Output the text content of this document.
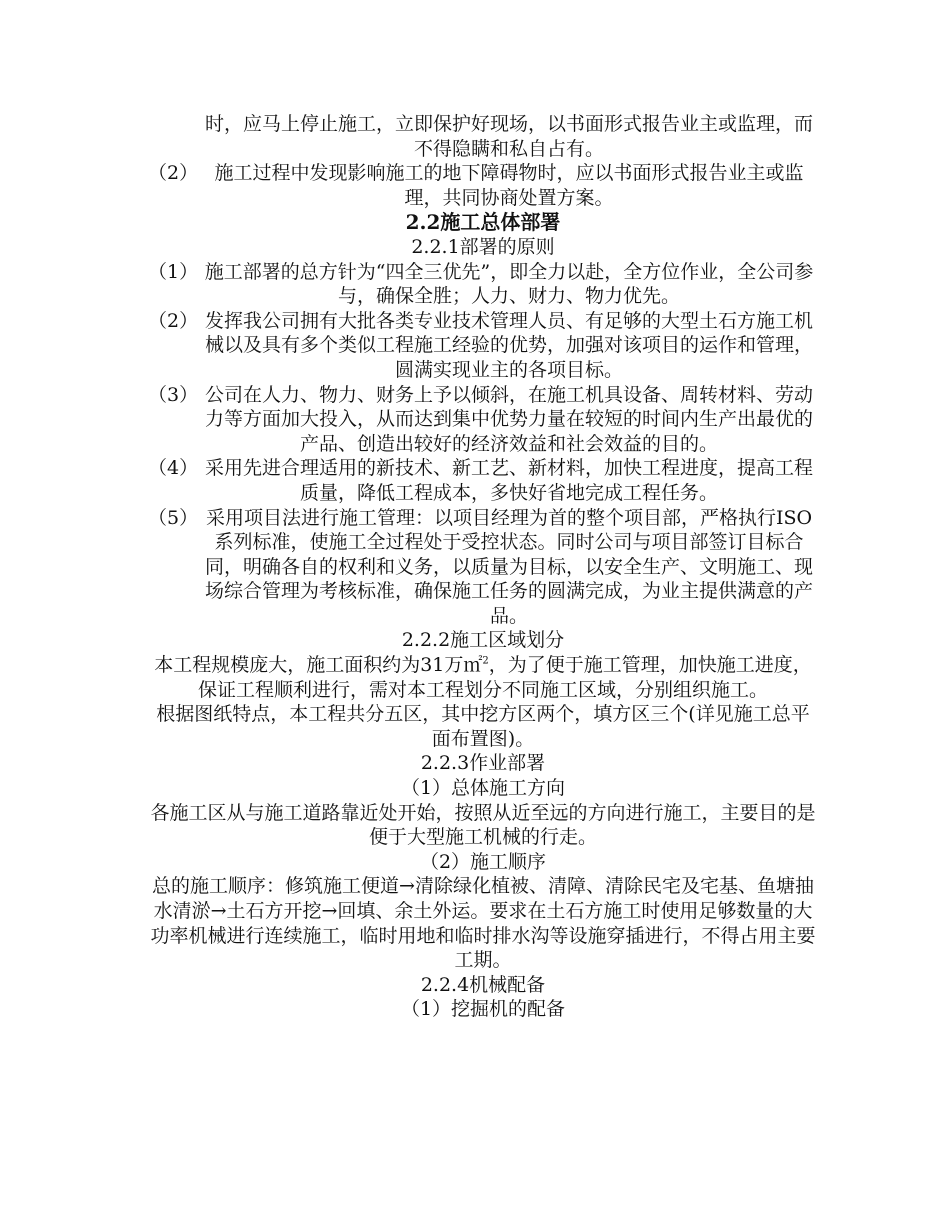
时，应马上停止施工，立即保护好现场，以书面形式报告业主或监理，而不得隐瞒和私自占有。

（2） 施工过程中发现影响施工的地下障碍物时，应以书面形式报告业主或监理，共同协商处置方案。

2.2施工总体部署

2.2.1部署的原则

（1） 施工部署的总方针为“四全三优先”，即全力以赴，全方位作业，全公司参与，确保全胜；人力、财力、物力优先。
（2） 发挥我公司拥有大批各类专业技术管理人员、有足够的大型土石方施工机械以及具有多个类似工程施工经验的优势，加强对该项目的运作和管理，圆满实现业主的各项目标。
（3） 公司在人力、物力、财务上予以倾斜，在施工机具设备、周转材料、劳动力等方面加大投入，从而达到集中优势力量在较短的时间内生产出最优的产品、创造出较好的经济效益和社会效益的目的。
（4） 采用先进合理适用的新技术、新工艺、新材料，加快工程进度，提高工程质量，降低工程成本，多快好省地完成工程任务。
（5） 采用项目法进行施工管理：以项目经理为首的整个项目部，严格执行ISO系列标准，使施工全过程处于受控状态。同时公司与项目部签订目标合同，明确各自的权利和义务，以质量为目标，以安全生产、文明施工、现场综合管理为考核标准，确保施工任务的圆满完成，为业主提供满意的产品。

2.2.2施工区域划分

本工程规模庞大，施工面积约为31万㎡$^2$，为了便于施工管理，加快施工进度，保证工程顺利进行，需对本工程划分不同施工区域，分别组织施工。

根据图纸特点，本工程共分五区，其中挖方区两个，填方区三个(详见施工总平面布置图)。

2.2.3作业部署

（1）总体施工方向

各施工区从与施工道路靠近处开始，按照从近至远的方向进行施工，主要目的是便于大型施工机械的行走。

（2）施工顺序

总的施工顺序：修筑施工便道→清除绿化植被、清障、清除民宅及宅基、鱼塘抽水清淤→土石方开挖→回填、余土外运。要求在土石方施工时使用足够数量的大功率机械进行连续施工，临时用地和临时排水沟等设施穿插进行，不得占用主要工期。

2.2.4机械配备

（1）挖掘机的配备
